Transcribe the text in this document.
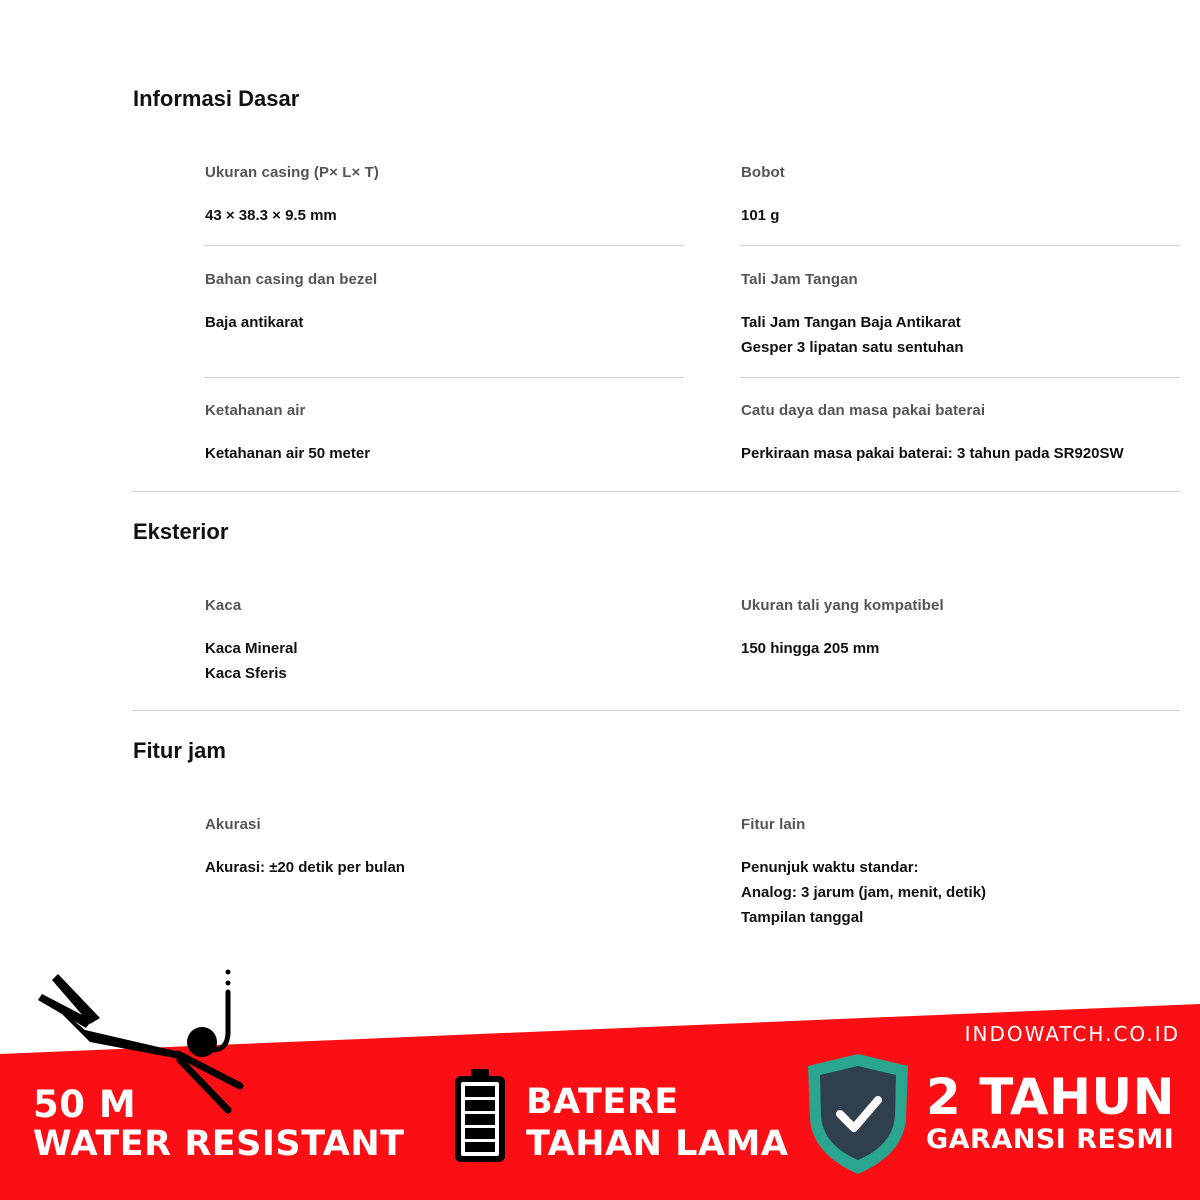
Informasi Dasar
Ukuran casing (P× L× T)
43 × 38.3 × 9.5 mm
Bobot
101 g
Bahan casing dan bezel
Baja antikarat
Tali Jam Tangan
Tali Jam Tangan Baja Antikarat
Gesper 3 lipatan satu sentuhan
Ketahanan air
Ketahanan air 50 meter
Catu daya dan masa pakai baterai
Perkiraan masa pakai baterai: 3 tahun pada SR920SW
Eksterior
Kaca
Kaca Mineral
Kaca Sferis
Ukuran tali yang kompatibel
150 hingga 205 mm
Fitur jam
Akurasi
Akurasi: ±20 detik per bulan
Fitur lain
Penunjuk waktu standar:
Analog: 3 jarum (jam, menit, detik)
Tampilan tanggal
50 M
WATER RESISTANT
BATERE
TAHAN LAMA
INDOWATCH.CO.ID
2 TAHUN
GARANSI RESMI
